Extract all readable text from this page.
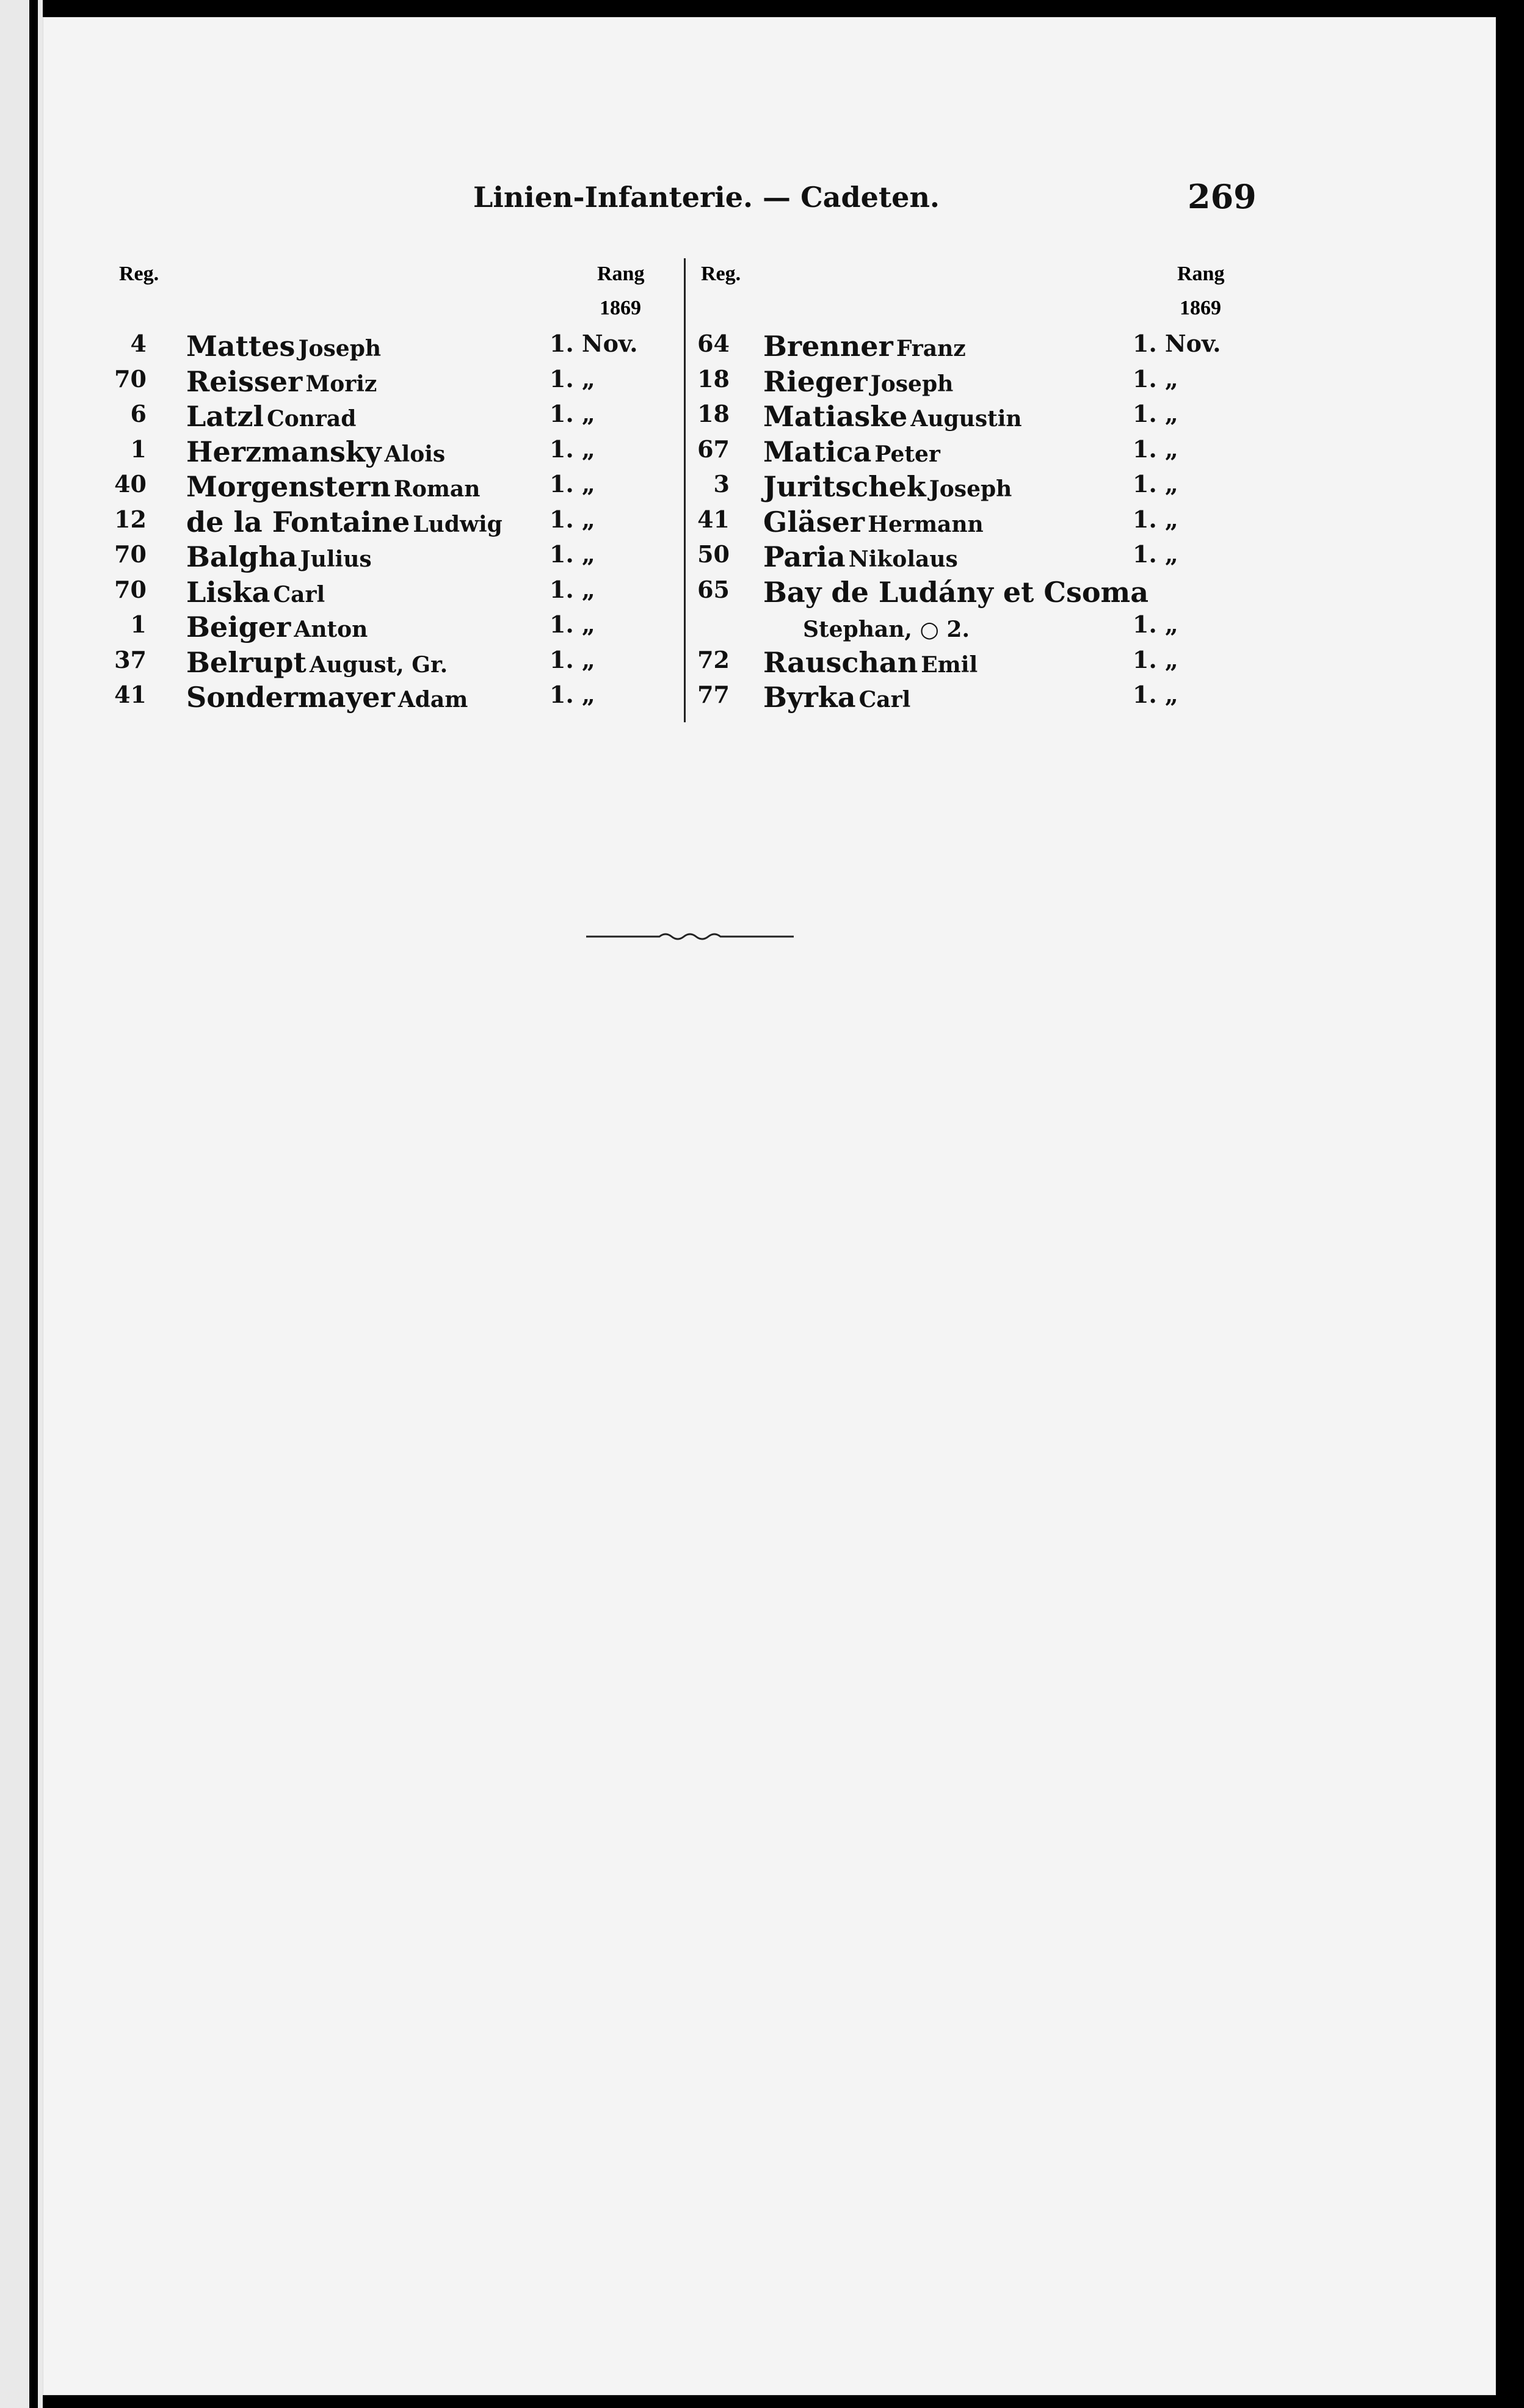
Linien-Infanterie. — Cadeten.	269
Reg.	Rang
1869
Reg.	Rang
1869
4 Mattes Joseph	1. Nov.
70 Reisser Moriz	1. „
6 Latzl Conrad	1. „
1 Herzmansky Alois	1. „
40 Morgenstern Roman	1. „
12 de la Fontaine Ludwig 1. „
70 Balgha Julius	1. „
70 Liska Carl	1. „
1 Beiger Anton	1. „
37 Belrupt August, Gr.	1. „
41 Sondermayer Adam	1. „
64 Brenner Franz	1. Nov.
18 Rieger Joseph	1. „
18 Matiaske Augustin	1. „
67 Matica Peter	1. „
3 Juritschek Joseph	1. „
41 Gläser Hermann	1. „
50 Paria Nikolaus	1. „
65 Bay de Ludány et Csoma
Stephan, ○ 2.	1. „
72 Rauschan Emil	1. „
77 Byrka Carl	1. „
